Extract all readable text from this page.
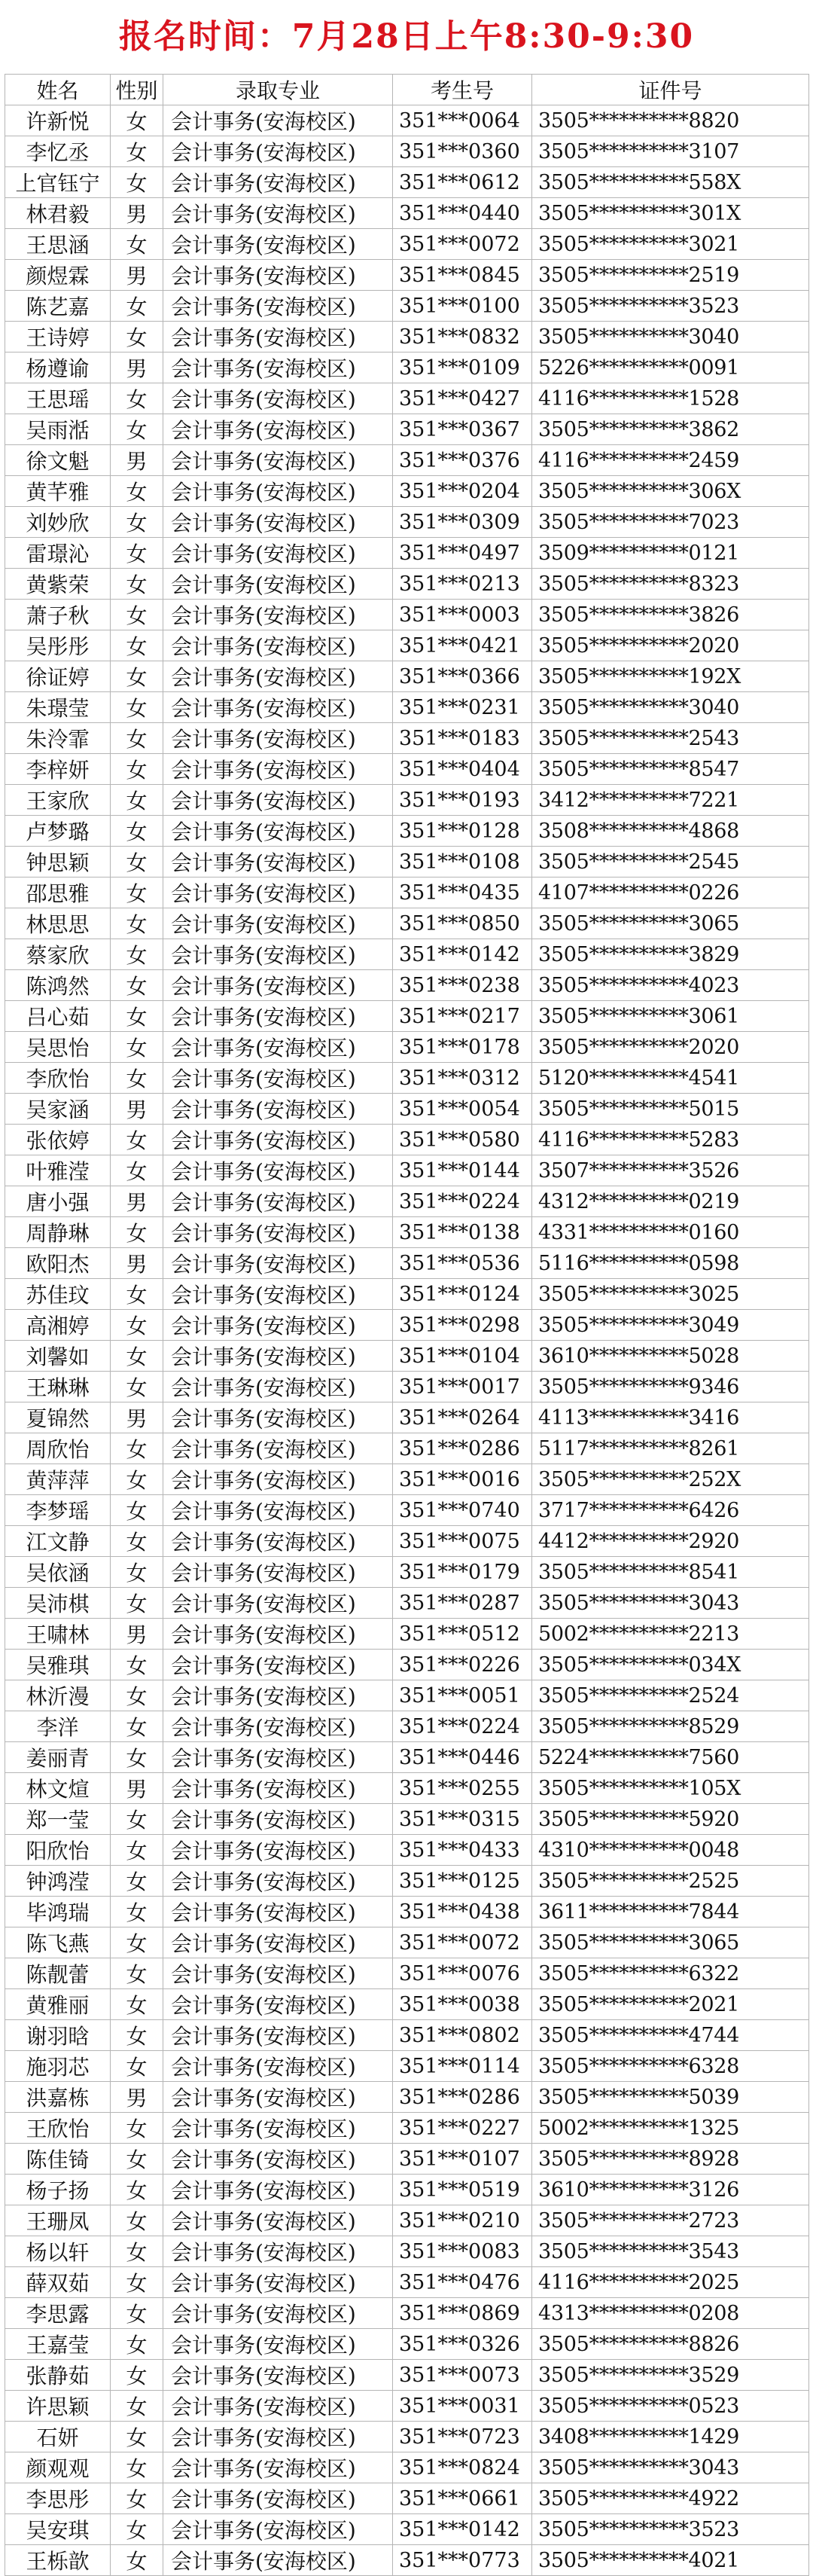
报名时间：7月28日上午8:30-9:30
姓名	性别	录取专业	考生号	证件号
许新悦	女	会计事务(安海校区)	351***0064	3505**********8820
李忆丞	女	会计事务(安海校区)	351***0360	3505**********3107
上官钰宁	女	会计事务(安海校区)	351***0612	3505**********558X
林君毅	男	会计事务(安海校区)	351***0440	3505**********301X
王思涵	女	会计事务(安海校区)	351***0072	3505**********3021
颜煜霖	男	会计事务(安海校区)	351***0845	3505**********2519
陈艺嘉	女	会计事务(安海校区)	351***0100	3505**********3523
王诗婷	女	会计事务(安海校区)	351***0832	3505**********3040
杨遵谕	男	会计事务(安海校区)	351***0109	5226**********0091
王思瑶	女	会计事务(安海校区)	351***0427	4116**********1528
吴雨湉	女	会计事务(安海校区)	351***0367	3505**********3862
徐文魁	男	会计事务(安海校区)	351***0376	4116**********2459
黄芊雅	女	会计事务(安海校区)	351***0204	3505**********306X
刘妙欣	女	会计事务(安海校区)	351***0309	3505**********7023
雷璟沁	女	会计事务(安海校区)	351***0497	3509**********0121
黄紫荣	女	会计事务(安海校区)	351***0213	3505**********8323
萧子秋	女	会计事务(安海校区)	351***0003	3505**********3826
吴彤彤	女	会计事务(安海校区)	351***0421	3505**********2020
徐证婷	女	会计事务(安海校区)	351***0366	3505**********192X
朱璟莹	女	会计事务(安海校区)	351***0231	3505**********3040
朱泠霏	女	会计事务(安海校区)	351***0183	3505**********2543
李梓妍	女	会计事务(安海校区)	351***0404	3505**********8547
王家欣	女	会计事务(安海校区)	351***0193	3412**********7221
卢梦璐	女	会计事务(安海校区)	351***0128	3508**********4868
钟思颖	女	会计事务(安海校区)	351***0108	3505**********2545
邵思雅	女	会计事务(安海校区)	351***0435	4107**********0226
林思思	女	会计事务(安海校区)	351***0850	3505**********3065
蔡家欣	女	会计事务(安海校区)	351***0142	3505**********3829
陈鸿然	女	会计事务(安海校区)	351***0238	3505**********4023
吕心茹	女	会计事务(安海校区)	351***0217	3505**********3061
吴思怡	女	会计事务(安海校区)	351***0178	3505**********2020
李欣怡	女	会计事务(安海校区)	351***0312	5120**********4541
吴家涵	男	会计事务(安海校区)	351***0054	3505**********5015
张依婷	女	会计事务(安海校区)	351***0580	4116**********5283
叶雅滢	女	会计事务(安海校区)	351***0144	3507**********3526
唐小强	男	会计事务(安海校区)	351***0224	4312**********0219
周静琳	女	会计事务(安海校区)	351***0138	4331**********0160
欧阳杰	男	会计事务(安海校区)	351***0536	5116**********0598
苏佳玟	女	会计事务(安海校区)	351***0124	3505**********3025
高湘婷	女	会计事务(安海校区)	351***0298	3505**********3049
刘馨如	女	会计事务(安海校区)	351***0104	3610**********5028
王琳琳	女	会计事务(安海校区)	351***0017	3505**********9346
夏锦然	男	会计事务(安海校区)	351***0264	4113**********3416
周欣怡	女	会计事务(安海校区)	351***0286	5117**********8261
黄萍萍	女	会计事务(安海校区)	351***0016	3505**********252X
李梦瑶	女	会计事务(安海校区)	351***0740	3717**********6426
江文静	女	会计事务(安海校区)	351***0075	4412**********2920
吴依涵	女	会计事务(安海校区)	351***0179	3505**********8541
吴沛棋	女	会计事务(安海校区)	351***0287	3505**********3043
王啸林	男	会计事务(安海校区)	351***0512	5002**********2213
吴雅琪	女	会计事务(安海校区)	351***0226	3505**********034X
林沂漫	女	会计事务(安海校区)	351***0051	3505**********2524
李洋	女	会计事务(安海校区)	351***0224	3505**********8529
姜丽青	女	会计事务(安海校区)	351***0446	5224**********7560
林文煊	男	会计事务(安海校区)	351***0255	3505**********105X
郑一莹	女	会计事务(安海校区)	351***0315	3505**********5920
阳欣怡	女	会计事务(安海校区)	351***0433	4310**********0048
钟鸿滢	女	会计事务(安海校区)	351***0125	3505**********2525
毕鸿瑞	女	会计事务(安海校区)	351***0438	3611**********7844
陈飞燕	女	会计事务(安海校区)	351***0072	3505**********3065
陈靓蕾	女	会计事务(安海校区)	351***0076	3505**********6322
黄雅丽	女	会计事务(安海校区)	351***0038	3505**********2021
谢羽晗	女	会计事务(安海校区)	351***0802	3505**********4744
施羽芯	女	会计事务(安海校区)	351***0114	3505**********6328
洪嘉栋	男	会计事务(安海校区)	351***0286	3505**********5039
王欣怡	女	会计事务(安海校区)	351***0227	5002**********1325
陈佳锜	女	会计事务(安海校区)	351***0107	3505**********8928
杨子扬	女	会计事务(安海校区)	351***0519	3610**********3126
王珊凤	女	会计事务(安海校区)	351***0210	3505**********2723
杨以轩	女	会计事务(安海校区)	351***0083	3505**********3543
薛双茹	女	会计事务(安海校区)	351***0476	4116**********2025
李思露	女	会计事务(安海校区)	351***0869	4313**********0208
王嘉莹	女	会计事务(安海校区)	351***0326	3505**********8826
张静茹	女	会计事务(安海校区)	351***0073	3505**********3529
许思颖	女	会计事务(安海校区)	351***0031	3505**********0523
石妍	女	会计事务(安海校区)	351***0723	3408**********1429
颜观观	女	会计事务(安海校区)	351***0824	3505**********3043
李思彤	女	会计事务(安海校区)	351***0661	3505**********4922
吴安琪	女	会计事务(安海校区)	351***0142	3505**********3523
王栎歆	女	会计事务(安海校区)	351***0773	3505**********4021
